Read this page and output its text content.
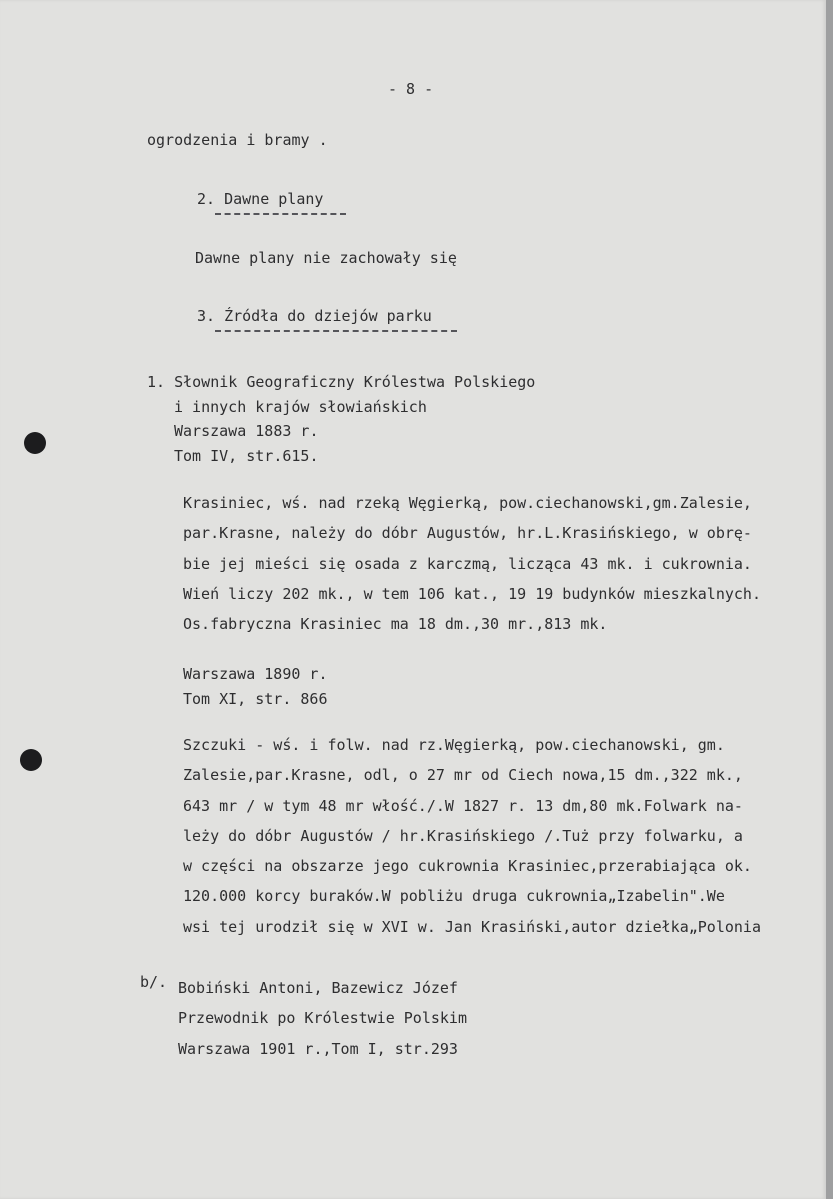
- 8 -
ogrodzenia i bramy .
2. Dawne plany
Dawne plany nie zachowały się
3. Źródła do dziejów parku
1. Słownik Geograficzny Królestwa Polskiego
i innych krajów słowiańskich
Warszawa 1883 r.
Tom IV, str.615.
Krasiniec, wś. nad rzeką Węgierką, pow.ciechanowski,gm.Zalesie,
par.Krasne, należy do dóbr Augustów, hr.L.Krasińskiego, w obrę-
bie jej mieści się osada z karczmą, licząca 43 mk. i cukrownia.
Wień liczy 202 mk., w tem 106 kat., 19 19 budynków mieszkalnych.
Os.fabryczna Krasiniec ma 18 dm.,30 mr.,813 mk.
Warszawa 1890 r.
Tom XI, str. 866
Szczuki - wś. i folw. nad rz.Węgierką, pow.ciechanowski, gm.
Zalesie,par.Krasne, odl, o 27 mr od Ciech nowa,15 dm.,322 mk.,
643 mr / w tym 48 mr włość./.W 1827 r. 13 dm,80 mk.Folwark na-
leży do dóbr Augustów / hr.Krasińskiego /.Tuż przy folwarku, a
w części na obszarze jego cukrownia Krasiniec,przerabiająca ok.
120.000 korcy buraków.W pobliżu druga cukrownia„Izabelin".We
wsi tej urodził się w XVI w. Jan Krasiński,autor dziełka„Polonia
b/. Bobiński Antoni, Bazewicz Józef
Przewodnik po Królestwie Polskim
Warszawa 1901 r.,Tom I, str.293
